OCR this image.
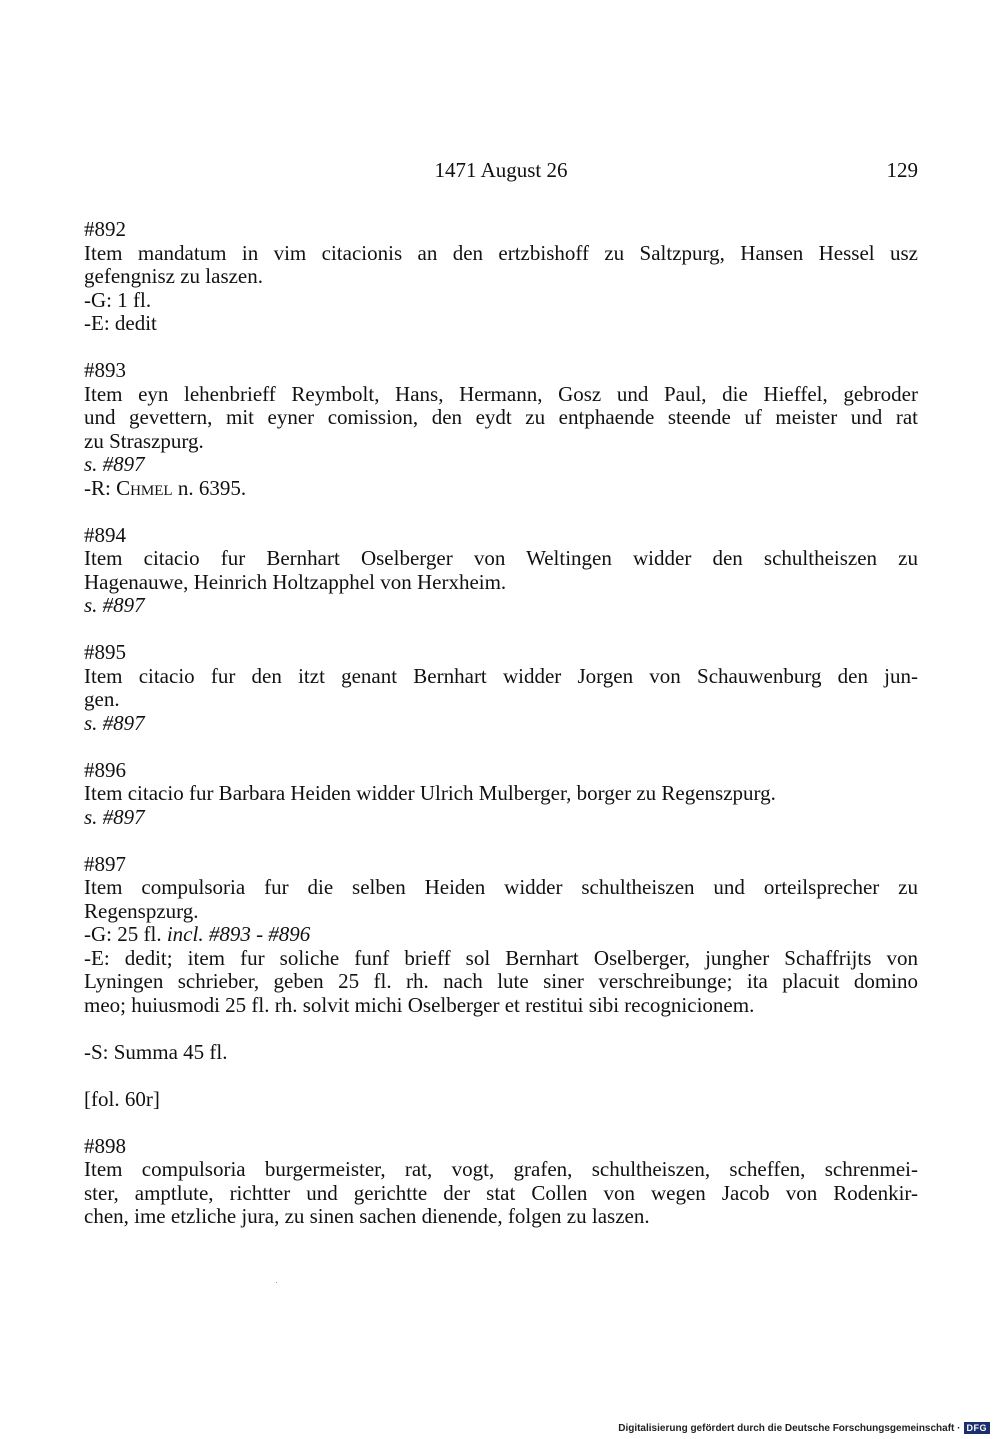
1471 August 26	129
#892
Item mandatum in vim citacionis an den ertzbishoff zu Saltzpurg, Hansen Hessel usz
gefengnisz zu laszen.
-G: 1 fl.
-E: dedit
#893
Item eyn lehenbrieff Reymbolt, Hans, Hermann, Gosz und Paul, die Hieffel, gebroder
und gevettern, mit eyner comission, den eydt zu entphaende steende uf meister und rat
zu Straszpurg.
s. #897
-R: Chmel n. 6395.
#894
Item citacio fur Bernhart Oselberger von Weltingen widder den schultheiszen zu
Hagenauwe, Heinrich Holtzapphel von Herxheim.
s. #897
#895
Item citacio fur den itzt genant Bernhart widder Jorgen von Schauwenburg den jun-
gen.
s. #897
#896
Item citacio fur Barbara Heiden widder Ulrich Mulberger, borger zu Regenszpurg.
s. #897
#897
Item compulsoria fur die selben Heiden widder schultheiszen und orteilsprecher zu
Regenspzurg.
-G: 25 fl. incl. #893 - #896
-E: dedit; item fur soliche funf brieff sol Bernhart Oselberger, jungher Schaffrijts von
Lyningen schrieber, geben 25 fl. rh. nach lute siner verschreibunge; ita placuit domino
meo; huiusmodi 25 fl. rh. solvit michi Oselberger et restitui sibi recognicionem.
-S: Summa 45 fl.
[fol. 60r]
#898
Item compulsoria burgermeister, rat, vogt, grafen, schultheiszen, scheffen, schrenmei-
ster, amptlute, richtter und gerichtte der stat Collen von wegen Jacob von Rodenkir-
chen, ime etzliche jura, zu sinen sachen dienende, folgen zu laszen.
Digitalisierung gefördert durch die Deutsche Forschungsgemeinschaft · DFG
